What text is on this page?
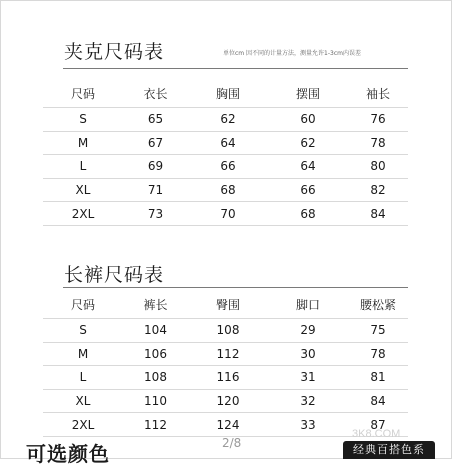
夹克尺码表	单位cm 因不同的计量方法，测量允许1-3cm内误差
尺码	衣长	胸围	摆围	袖长
S	65	62	60	76
M	67	64	62	78
L	69	66	64	80
XL	71	68	66	82
2XL	73	70	68	84
长裤尺码表
尺码	裤长	臀围	脚口	腰松紧
S	104	108	29	75
M	106	112	30	78
L	108	116	31	81
XL	110	120	32	84
2XL	112	124	33	87
可选颜色	2/8
3K8.COM
经典百搭色系
